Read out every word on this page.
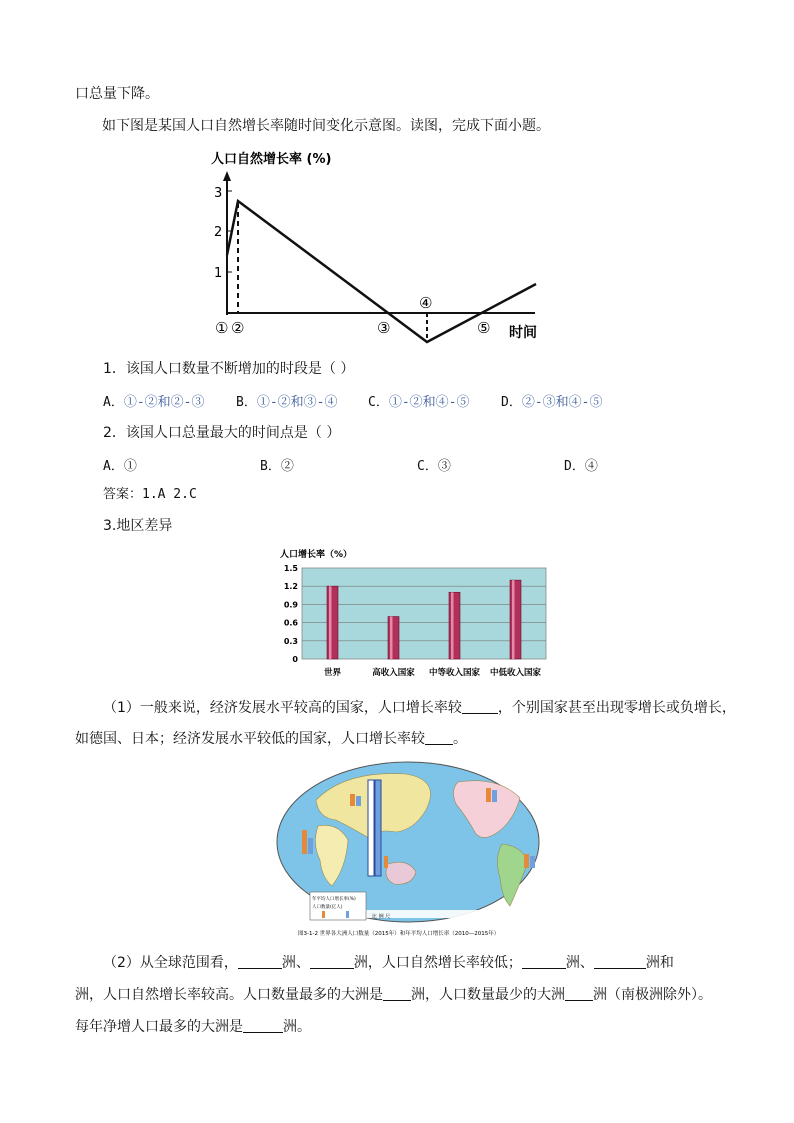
口总量下降。
如下图是某国人口自然增长率随时间变化示意图。读图，完成下面小题。
人口自然增长率 (%)
3
2
1
① ②	③
④
⑤ 时间
1．该国人口数量不断增加的时段是（ ）
A．①-②和②-③ B．①-②和③-④ C．①-②和④-⑤ D．②-③和④-⑤
2．该国人口总量最大的时间点是（ ）
A．①	B．②	C．③	D．④
答案：1.A 2.C
3.地区差异
人口增长率（%）
0
0.3
0.6
0.9
1.2
1.5
世界	高收入国家 中等收入国家 中低收入国家
（1）一般来说，经济发展水平较高的国家，人口增长率较	，个别国家甚至出现零增长或负增长，
如德国、日本；经济发展水平较低的国家，人口增长率较 。
年平均人口增长率(%)
人口数量(亿人)
比 例 尺
图3-1-2 世界各大洲人口数量（2015年）和年平均人口增长率（2010—2015年）
（2）从全球范围看，	洲、	洲，人口自然增长率较低；	洲、	洲和
洲，人口自然增长率较高。人口数量最多的大洲是 洲，人口数量最少的大洲 洲（南极洲除外）。
每年净增人口最多的大洲是	洲。
